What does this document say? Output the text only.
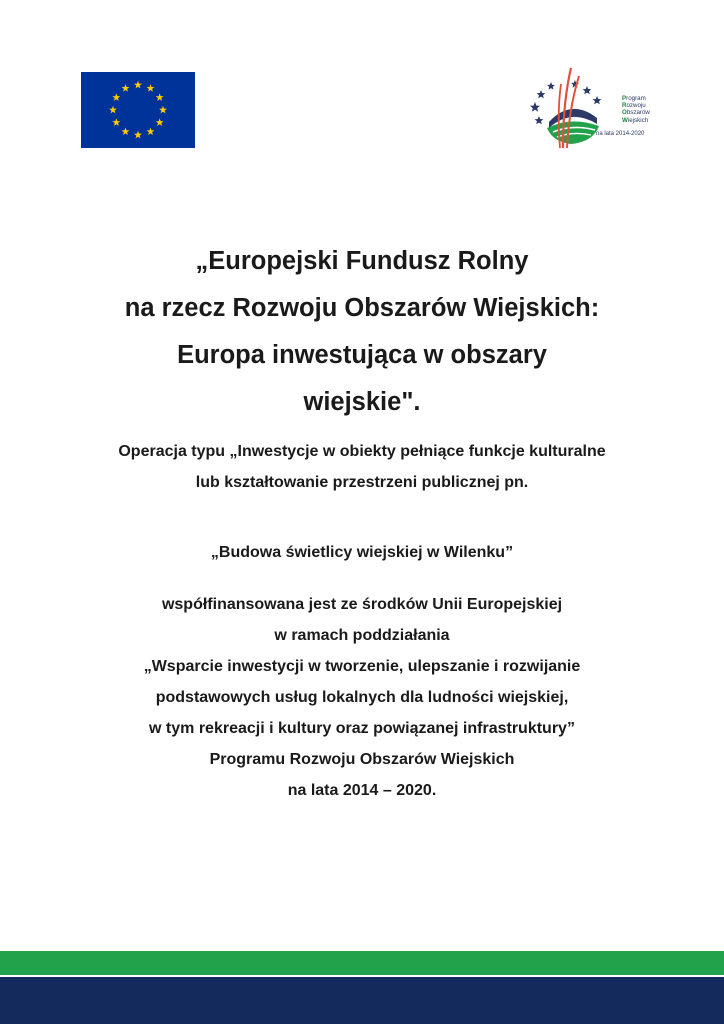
Program
Rozwoju
Obszarów
Wiejskich
na lata 2014-2020
„Europejski Fundusz Rolny
na rzecz Rozwoju Obszarów Wiejskich:
Europa inwestująca w obszary
wiejskie".
Operacja typu „Inwestycje w obiekty pełniące funkcje kulturalne
lub kształtowanie przestrzeni publicznej pn.
„Budowa świetlicy wiejskiej w Wilenku”
współfinansowana jest ze środków Unii Europejskiej
w ramach poddziałania
„Wsparcie inwestycji w tworzenie, ulepszanie i rozwijanie
podstawowych usług lokalnych dla ludności wiejskiej,
w tym rekreacji i kultury oraz powiązanej infrastruktury”
Programu Rozwoju Obszarów Wiejskich
na lata 2014 – 2020.
